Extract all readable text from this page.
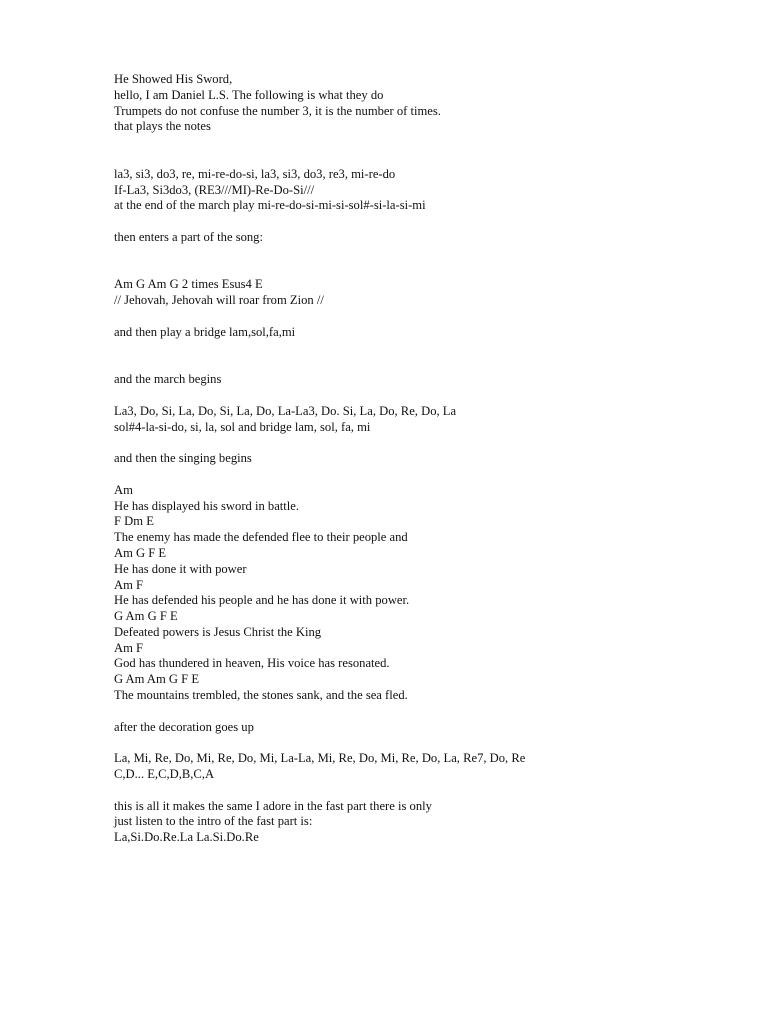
He Showed His Sword,
hello, I am Daniel L.S. The following is what they do
Trumpets do not confuse the number 3, it is the number of times.
that plays the notes
la3, si3, do3, re, mi-re-do-si, la3, si3, do3, re3, mi-re-do
If-La3, Si3do3, (RE3///MI)-Re-Do-Si///
at the end of the march play mi-re-do-si-mi-si-sol#-si-la-si-mi
then enters a part of the song:
Am G Am G 2 times Esus4 E
// Jehovah, Jehovah will roar from Zion //
and then play a bridge lam,sol,fa,mi
and the march begins
La3, Do, Si, La, Do, Si, La, Do, La-La3, Do. Si, La, Do, Re, Do, La
sol#4-la-si-do, si, la, sol and bridge lam, sol, fa, mi
and then the singing begins
Am
He has displayed his sword in battle.
F Dm E
The enemy has made the defended flee to their people and
Am G F E
He has done it with power
Am F
He has defended his people and he has done it with power.
G Am G F E
Defeated powers is Jesus Christ the King
Am F
God has thundered in heaven, His voice has resonated.
G Am Am G F E
The mountains trembled, the stones sank, and the sea fled.
after the decoration goes up
La, Mi, Re, Do, Mi, Re, Do, Mi, La-La, Mi, Re, Do, Mi, Re, Do, La, Re7, Do, Re
C,D... E,C,D,B,C,A
this is all it makes the same I adore in the fast part there is only
just listen to the intro of the fast part is:
La,Si.Do.Re.La La.Si.Do.Re
